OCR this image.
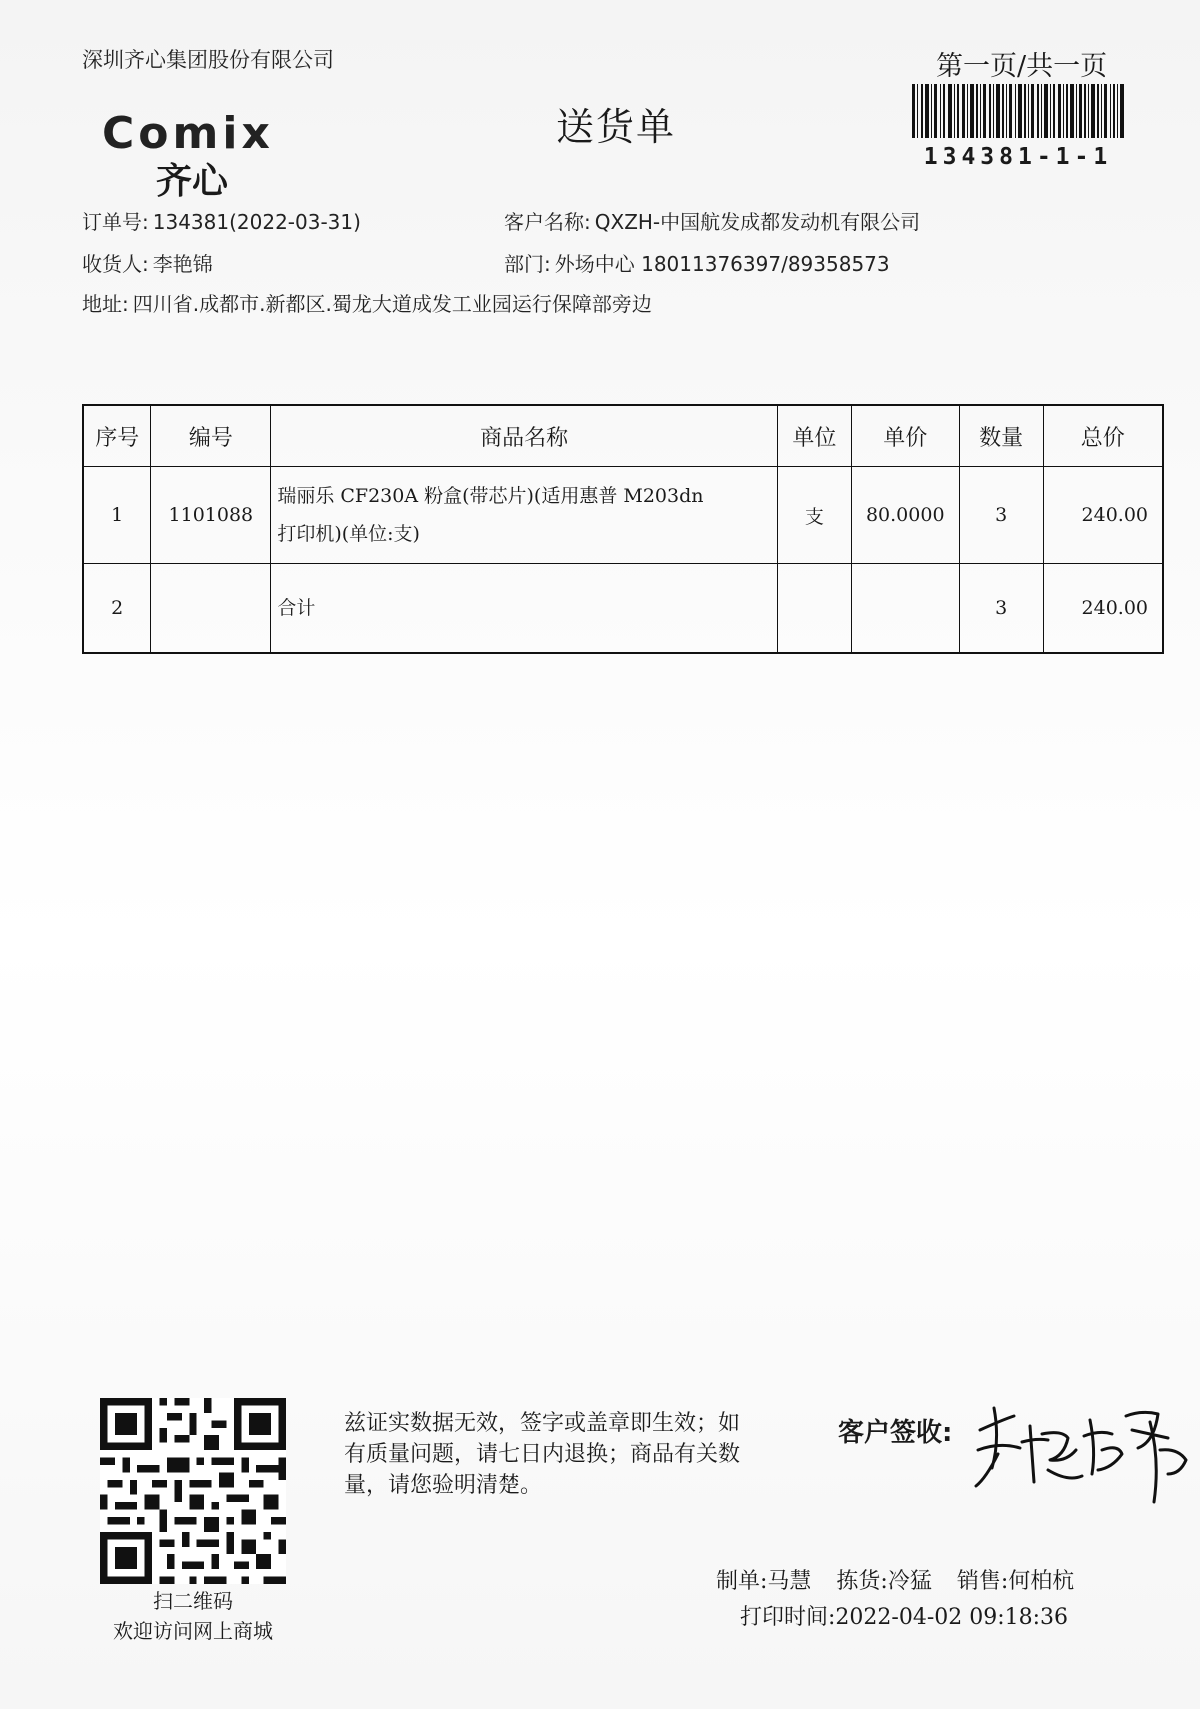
深圳齐心集团股份有限公司
Comix
齐心
送货单
第一页/共一页
134381-1-1
订单号: 134381(2022-03-31)	客户名称: QXZH-中国航发成都发动机有限公司
收货人: 李艳锦	部门: 外场中心 18011376397/89358573
地址: 四川省.成都市.新都区.蜀龙大道成发工业园运行保障部旁边
序号	编号	商品名称	单位	单价	数量	总价
1	1101088	瑞丽乐 CF230A 粉盒(带芯片)(适用惠普 M203dn
打印机)(单位:支)	支	80.0000	3	240.00
2		合计			3	240.00
扫二维码
欢迎访问网上商城
兹证实数据无效，签字或盖章即生效；如有质量问题，请七日内退换；商品有关数量，请您验明清楚。
客户签收:
制单:马慧 拣货:冷猛 销售:何柏杭
打印时间:2022-04-02 09:18:36
